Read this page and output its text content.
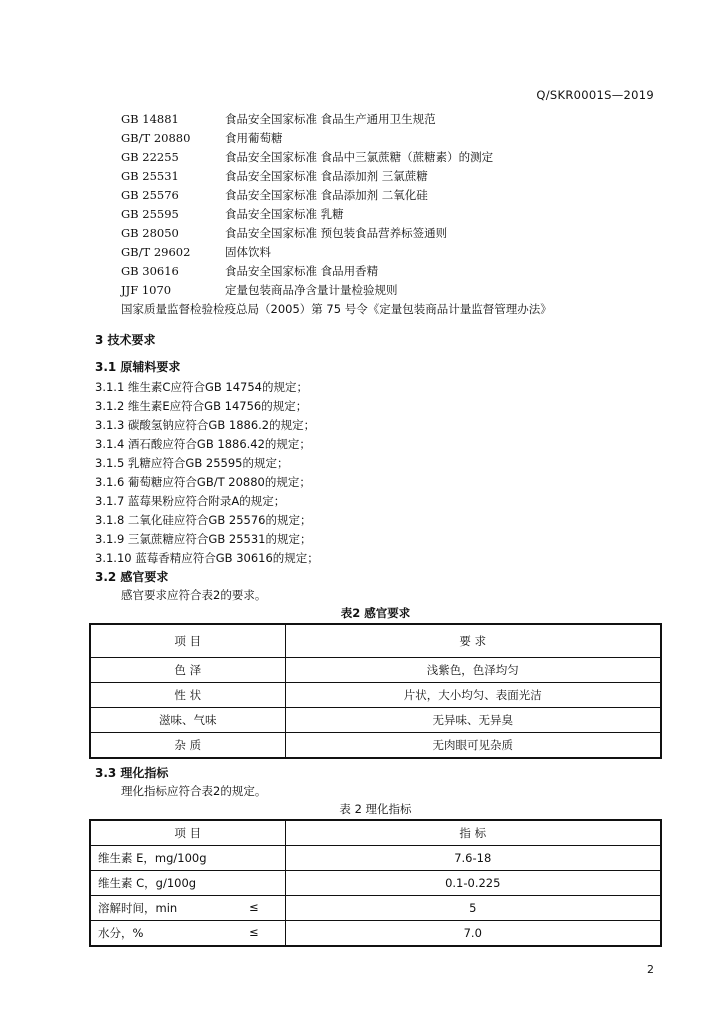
Q/SKR0001S—2019
GB 14881	食品安全国家标准 食品生产通用卫生规范
GB/T 20880	食用葡萄糖
GB 22255	食品安全国家标准 食品中三氯蔗糖（蔗糖素）的测定
GB 25531	食品安全国家标准 食品添加剂 三氯蔗糖
GB 25576	食品安全国家标准 食品添加剂 二氧化硅
GB 25595	食品安全国家标准 乳糖
GB 28050	食品安全国家标准 预包装食品营养标签通则
GB/T 29602	固体饮料
GB 30616	食品安全国家标准 食品用香精
JJF 1070	定量包装商品净含量计量检验规则
国家质量监督检验检疫总局（2005）第 75 号令《定量包装商品计量监督管理办法》
3 技术要求
3.1 原辅料要求
3.1.1 维生素C应符合GB 14754的规定；
3.1.2 维生素E应符合GB 14756的规定；
3.1.3 碳酸氢钠应符合GB 1886.2的规定；
3.1.4 酒石酸应符合GB 1886.42的规定；
3.1.5 乳糖应符合GB 25595的规定；
3.1.6 葡萄糖应符合GB/T 20880的规定；
3.1.7 蓝莓果粉应符合附录A的规定；
3.1.8 二氧化硅应符合GB 25576的规定；
3.1.9 三氯蔗糖应符合GB 25531的规定；
3.1.10 蓝莓香精应符合GB 30616的规定；
3.2 感官要求
感官要求应符合表2的要求。
表2 感官要求
项 目	要 求
色 泽	浅紫色，色泽均匀
性 状	片状，大小均匀、表面光洁
滋味、气味	无异味、无异臭
杂 质	无肉眼可见杂质
3.3 理化指标
理化指标应符合表2的规定。
表 2 理化指标
项 目	指 标
维生素 E，mg/100g	7.6-18
维生素 C，g/100g	0.1-0.225
溶解时间，min ≤	5
水分，% ≤	7.0
2
